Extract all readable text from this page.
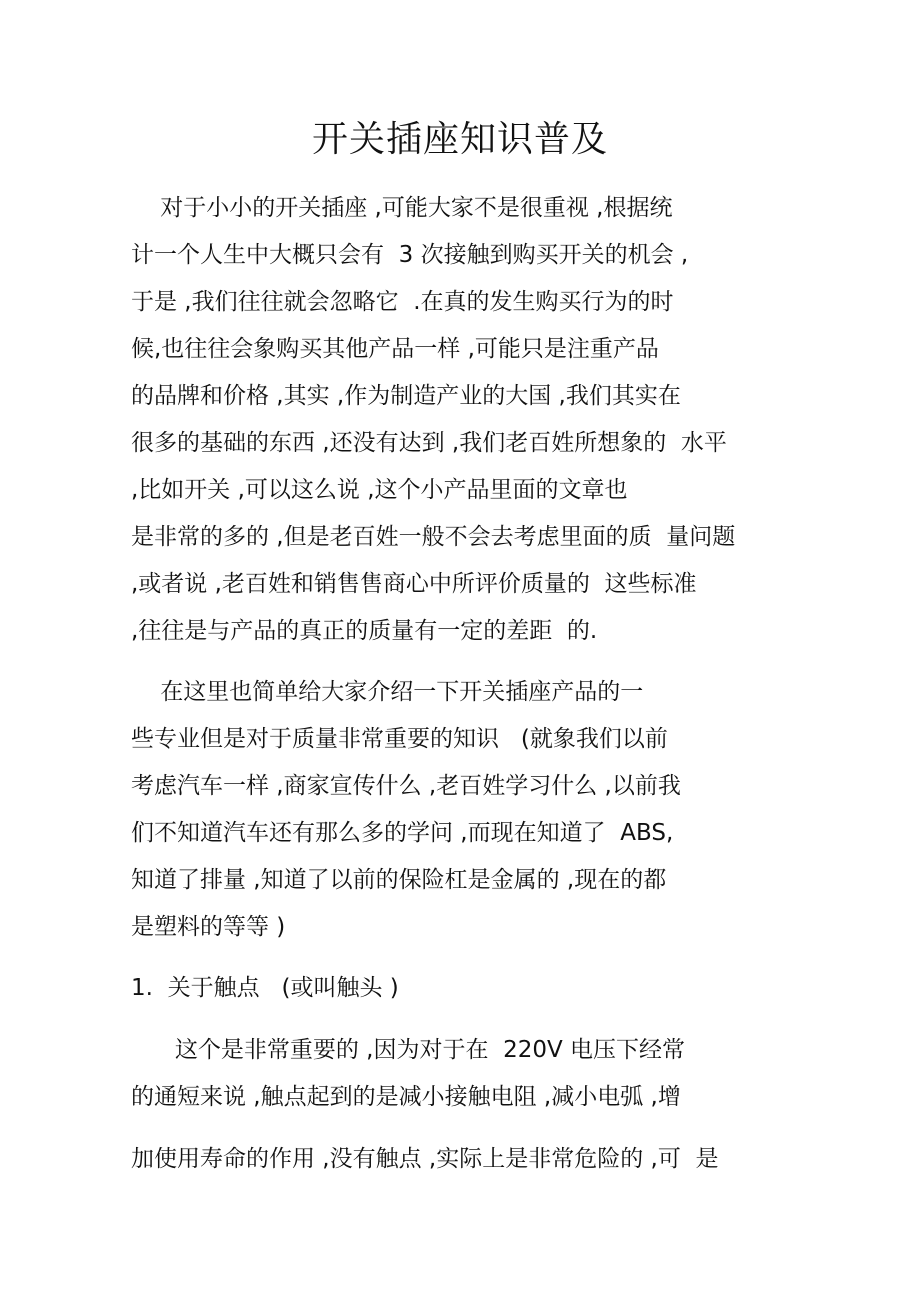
开关插座知识普及

对于小小的开关插座 ,可能大家不是很重视 ,根据统

计一个人生中大概只会有  3 次接触到购买开关的机会 ,

于是 ,我们往往就会忽略它  .在真的发生购买行为的时

候,也往往会象购买其他产品一样 ,可能只是注重产品

的品牌和价格 ,其实 ,作为制造产业的大国 ,我们其实在

很多的基础的东西 ,还没有达到 ,我们老百姓所想象的  水平

,比如开关 ,可以这么说 ,这个小产品里面的文章也

是非常的多的 ,但是老百姓一般不会去考虑里面的质  量问题

,或者说 ,老百姓和销售售商心中所评价质量的  这些标准

,往往是与产品的真正的质量有一定的差距  的.

在这里也简单给大家介绍一下开关插座产品的一

些专业但是对于质量非常重要的知识   (就象我们以前

考虑汽车一样 ,商家宣传什么 ,老百姓学习什么 ,以前我

们不知道汽车还有那么多的学问 ,而现在知道了  ABS,

知道了排量 ,知道了以前的保险杠是金属的 ,现在的都

是塑料的等等 )

1.  关于触点   (或叫触头 )

这个是非常重要的 ,因为对于在  220V 电压下经常

的通短来说 ,触点起到的是减小接触电阻 ,减小电弧 ,增

加使用寿命的作用 ,没有触点 ,实际上是非常危险的 ,可  是
